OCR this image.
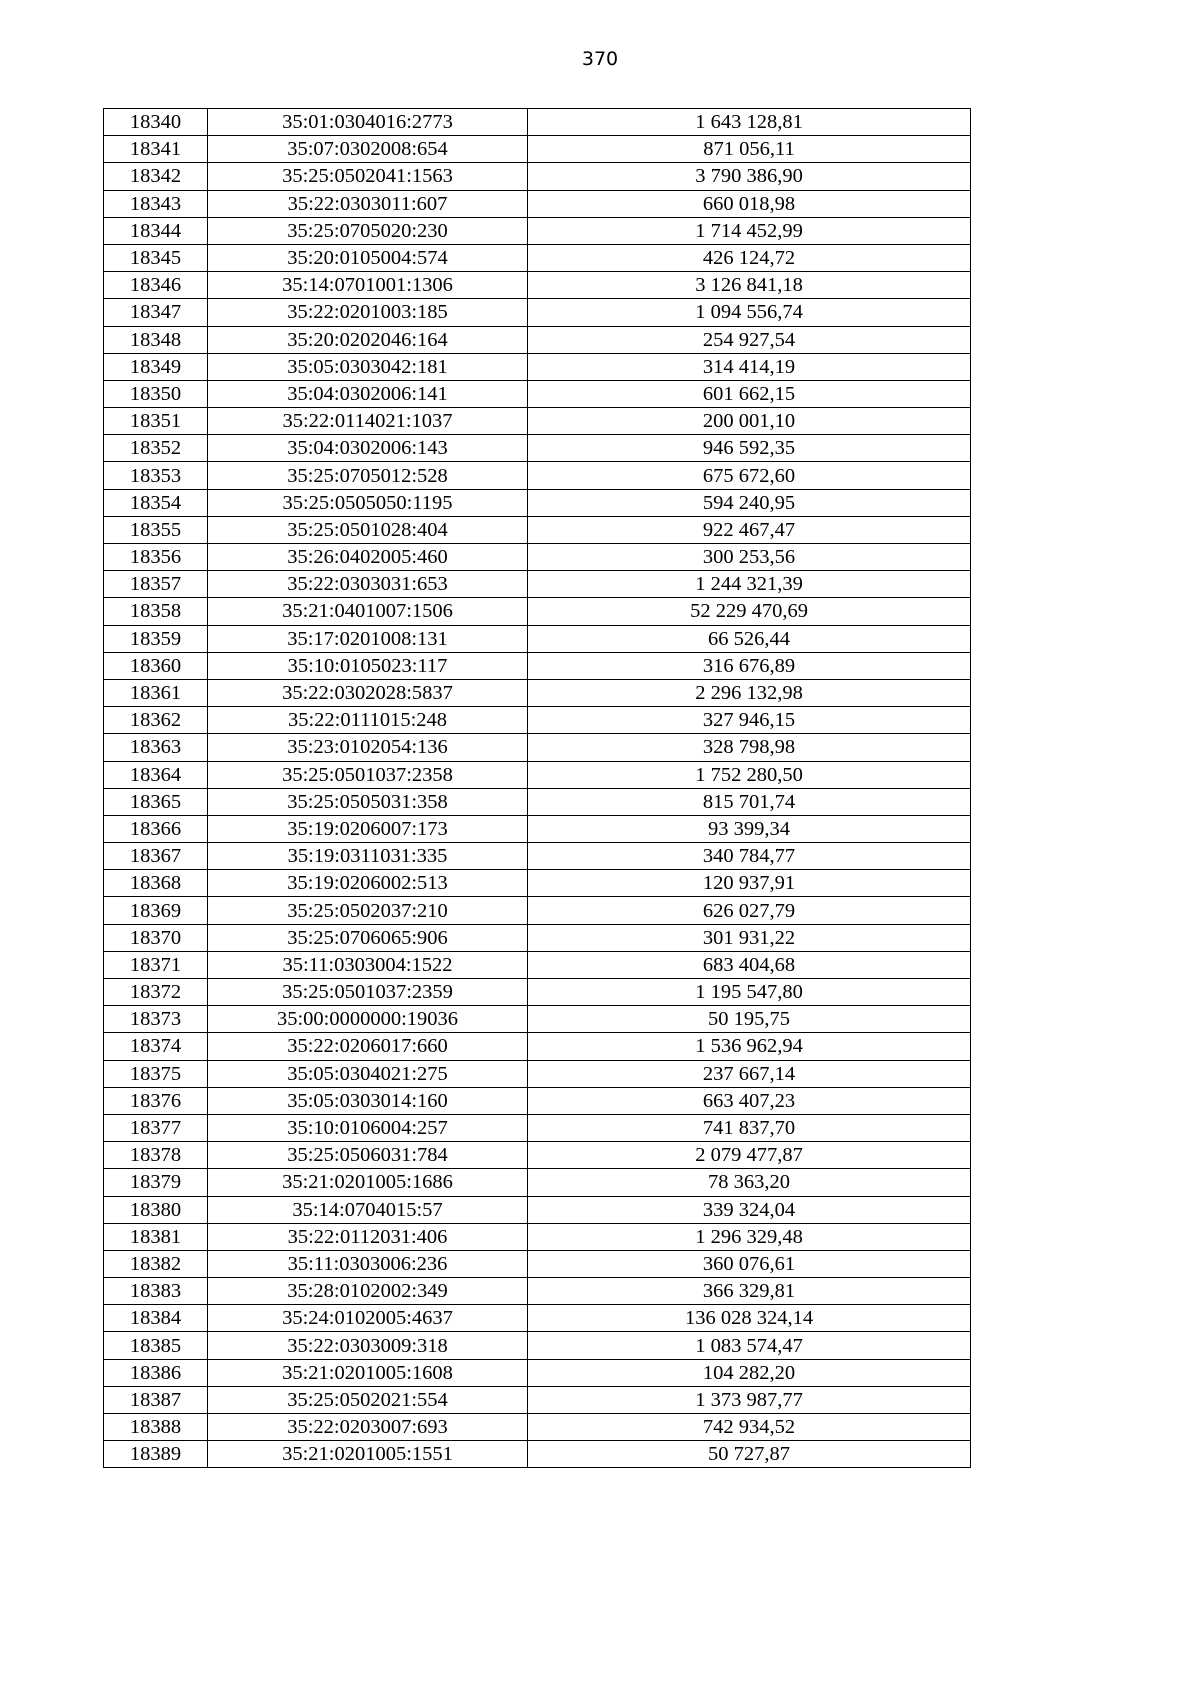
370
18340	35:01:0304016:2773	1 643 128,81
18341	35:07:0302008:654	871 056,11
18342	35:25:0502041:1563	3 790 386,90
18343	35:22:0303011:607	660 018,98
18344	35:25:0705020:230	1 714 452,99
18345	35:20:0105004:574	426 124,72
18346	35:14:0701001:1306	3 126 841,18
18347	35:22:0201003:185	1 094 556,74
18348	35:20:0202046:164	254 927,54
18349	35:05:0303042:181	314 414,19
18350	35:04:0302006:141	601 662,15
18351	35:22:0114021:1037	200 001,10
18352	35:04:0302006:143	946 592,35
18353	35:25:0705012:528	675 672,60
18354	35:25:0505050:1195	594 240,95
18355	35:25:0501028:404	922 467,47
18356	35:26:0402005:460	300 253,56
18357	35:22:0303031:653	1 244 321,39
18358	35:21:0401007:1506	52 229 470,69
18359	35:17:0201008:131	66 526,44
18360	35:10:0105023:117	316 676,89
18361	35:22:0302028:5837	2 296 132,98
18362	35:22:0111015:248	327 946,15
18363	35:23:0102054:136	328 798,98
18364	35:25:0501037:2358	1 752 280,50
18365	35:25:0505031:358	815 701,74
18366	35:19:0206007:173	93 399,34
18367	35:19:0311031:335	340 784,77
18368	35:19:0206002:513	120 937,91
18369	35:25:0502037:210	626 027,79
18370	35:25:0706065:906	301 931,22
18371	35:11:0303004:1522	683 404,68
18372	35:25:0501037:2359	1 195 547,80
18373	35:00:0000000:19036	50 195,75
18374	35:22:0206017:660	1 536 962,94
18375	35:05:0304021:275	237 667,14
18376	35:05:0303014:160	663 407,23
18377	35:10:0106004:257	741 837,70
18378	35:25:0506031:784	2 079 477,87
18379	35:21:0201005:1686	78 363,20
18380	35:14:0704015:57	339 324,04
18381	35:22:0112031:406	1 296 329,48
18382	35:11:0303006:236	360 076,61
18383	35:28:0102002:349	366 329,81
18384	35:24:0102005:4637	136 028 324,14
18385	35:22:0303009:318	1 083 574,47
18386	35:21:0201005:1608	104 282,20
18387	35:25:0502021:554	1 373 987,77
18388	35:22:0203007:693	742 934,52
18389	35:21:0201005:1551	50 727,87
